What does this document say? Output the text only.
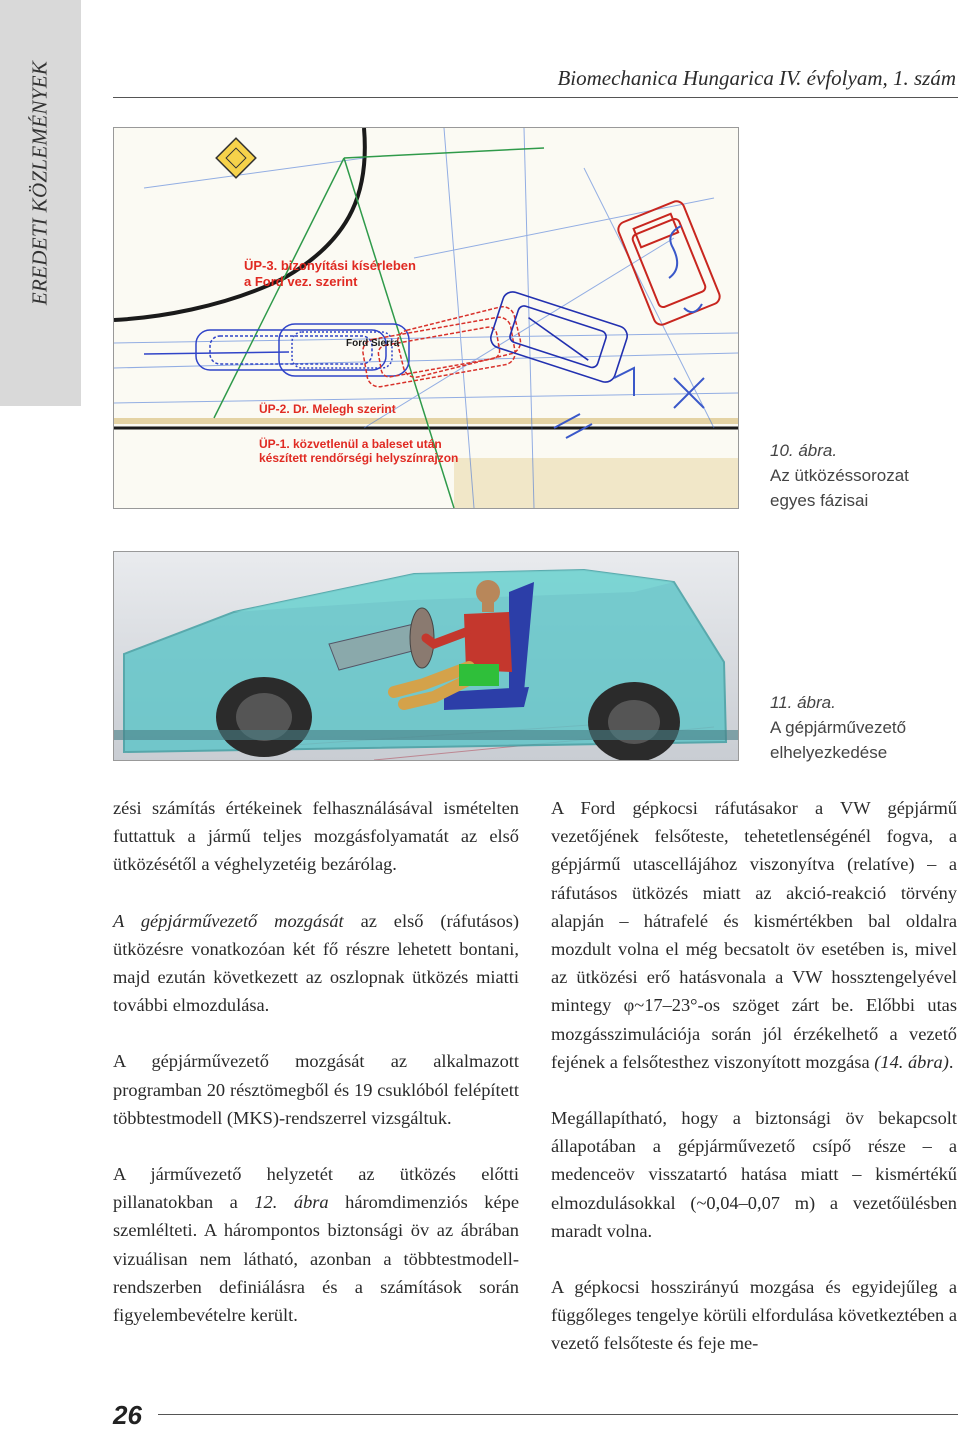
EREDETI KÖZLEMÉNYEK	Biomechanica Hungarica IV. évfolyam, 1. szám
ÜP-3. bizonyítási kísérleben
a Ford vez. szerint
Ford Sierra
ÜP-2. Dr. Melegh szerint
ÜP-1. közvetlenül a baleset után
készített rendőrségi helyszínrajzon	10. ábra.
Az ütközéssorozat
egyes fázisai
11. ábra.
A gépjárművezető
elhelyezkedése

zési számítás értékeinek felhasználásával ismételten futtattuk a jármű teljes mozgásfolyamatát az első ütközésétől a véghelyzetéig bezárólag.

A gépjárművezető mozgását az első (ráfutásos) ütközésre vonatkozóan két fő részre lehetett bontani, majd ezután következett az oszlopnak ütközés miatti további elmozdulása.

A gépjárművezető mozgását az alkalmazott programban 20 résztömegből és 19 csuklóból felépített többtestmodell (MKS)-rendszerrel vizsgáltuk.

A járművezető helyzetét az ütközés előtti pillanatokban a 12. ábra háromdimenziós képe szemlélteti. A hárompontos biztonsági öv az ábrában vizuálisan nem látható, azonban a többtestmodell-rendszerben definiálásra és a számítások során figyelembevételre került.

A Ford gépkocsi ráfutásakor a VW gépjármű vezetőjének felsőteste, tehetetlenségénél fogva, a gépjármű utascellájához viszonyítva (relatíve) – a ráfutásos ütközés miatt az akció-reakció törvény alapján – hátrafelé és kismértékben bal oldalra mozdult volna el még becsatolt öv esetében is, mivel az ütközési erő hatásvonala a VW hossztengelyével mintegy φ~17–23°-os szöget zárt be. Előbbi utas mozgásszimulációja során jól érzékelhető a vezető fejének a felsőtesthez viszonyított mozgása (14. ábra).

Megállapítható, hogy a biztonsági öv bekapcsolt állapotában a gépjárművezető csípő része – a medenceöv visszatartó hatása miatt – kismértékű elmozdulásokkal (~0,04–0,07 m) a vezetőülésben maradt volna.

A gépkocsi hosszirányú mozgása és egyidejűleg a függőleges tengelye körüli elfordulása következtében a vezető felsőteste és feje me-

26
